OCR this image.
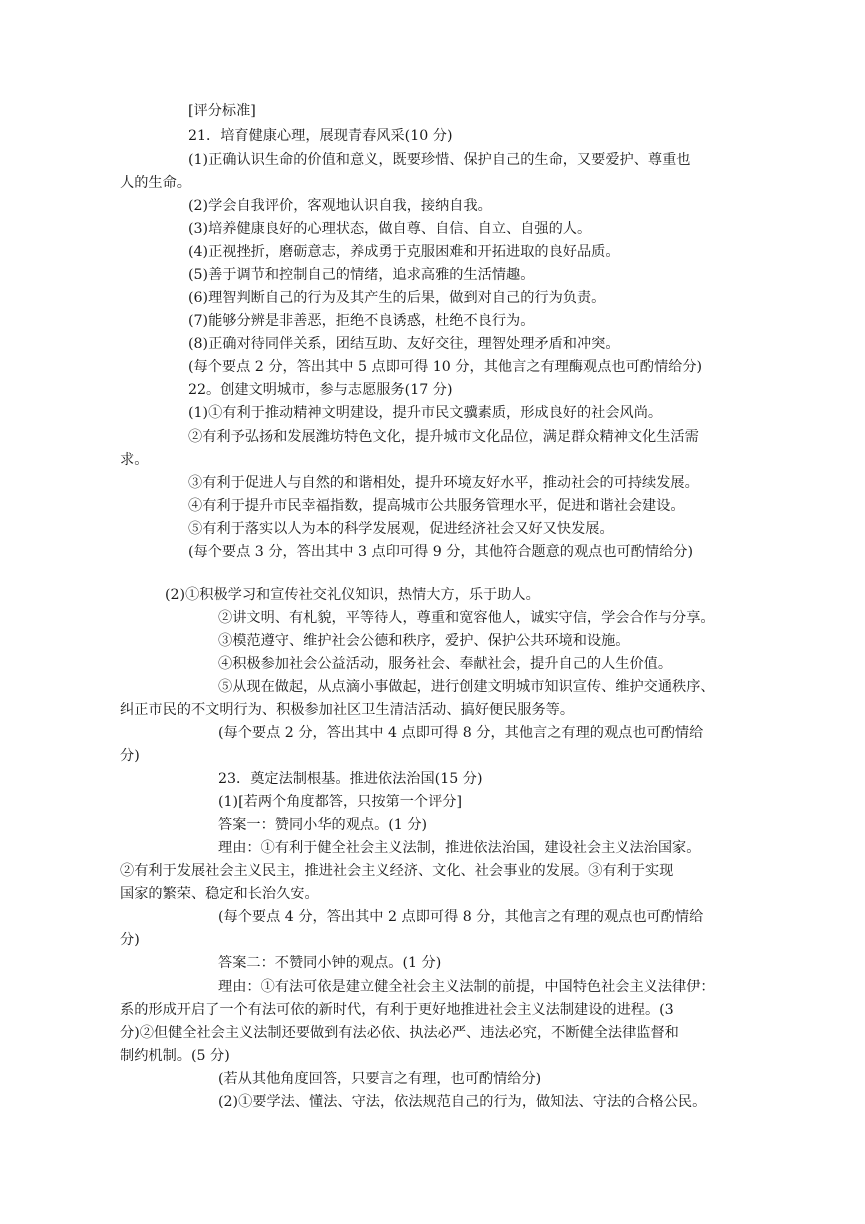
[评分标准]
21．培育健康心理，展现青春风采(10 分)
(1)正确认识生命的价值和意义，既要珍惜、保护自己的生命，又要爱护、尊重也
人的生命。
(2)学会自我评价，客观地认识自我，接纳自我。
(3)培养健康良好的心理状态，做自尊、自信、自立、自强的人。
(4)正视挫折，磨砺意志，养成勇于克服困难和开拓进取的良好品质。
(5)善于调节和控制自己的情绪，追求高雅的生活情趣。
(6)理智判断自己的行为及其产生的后果，做到对自己的行为负责。
(7)能够分辨是非善恶，拒绝不良诱惑，杜绝不良行为。
(8)正确对待同伴关系，团结互助、友好交往，理智处理矛盾和冲突。
(每个要点 2 分，答出其中 5 点即可得 10 分，其他言之有理酶观点也可酌情给分)
22。创建文明城市，参与志愿服务(17 分)
(1)①有利于推动精神文明建设，提升市民文骥素质，形成良好的社会风尚。
②有利予弘扬和发展潍坊特色文化，提升城市文化品位，满足群众精神文化生活需
求。
③有利于促进人与自然的和谐相处，提升环境友好水平，推动社会的可持续发展。
④有利于提升市民幸福指数，提高城市公共服务管理水平，促进和谐社会建设。
⑤有利于落实以人为本的科学发展观，促进经济社会又好又快发展。
(每个要点 3 分，答出其中 3 点印可得 9 分，其他符合题意的观点也可酌情给分)
(2)①积极学习和宣传社交礼仪知识，热情大方，乐于助人。
②讲文明、有札貌，平等待人，尊重和宽容他人，诚实守信，学会合作与分享。
③模范遵守、维护社会公德和秩序，爱护、保护公共环境和设施。
④积极参加社会公益活动，服务社会、奉献社会，提升自己的人生价值。
⑤从现在做起，从点滴小事做起，进行创建文明城市知识宣传、维护交通秩序、
纠正市民的不文明行为、积极参加社区卫生清洁活动、搞好便民服务等。
(每个要点 2 分，答出其中 4 点即可得 8 分，其他言之有理的观点也可酌情给
分)
23．奠定法制根基。推进依法治国(15 分)
(1)[若两个角度都答，只按第一个评分]
答案一：赞同小华的观点。(1 分)
理由：①有利于健全社会主义法制，推进依法治国，建设社会主义法治国家。
②有利于发展社会主义民主，推进社会主义经济、文化、社会事业的发展。③有利于实现
国家的繁荣、稳定和长治久安。
(每个要点 4 分，答出其中 2 点即可得 8 分，其他言之有理的观点也可酌情给
分)
答案二：不赞同小钟的观点。(1 分)
理由：①有法可依是建立健全社会主义法制的前提，中国特色社会主义法律伊：
系的形成开启了一个有法可依的新时代，有利于更好地推进社会主义法制建设的进程。(3
分)②但健全社会主义法制还要做到有法必依、执法必严、违法必究，不断健全法律监督和
制约机制。(5 分)
(若从其他角度回答，只要言之有理，也可酌情给分)
(2)①要学法、懂法、守法，依法规范自己的行为，做知法、守法的合格公民。
